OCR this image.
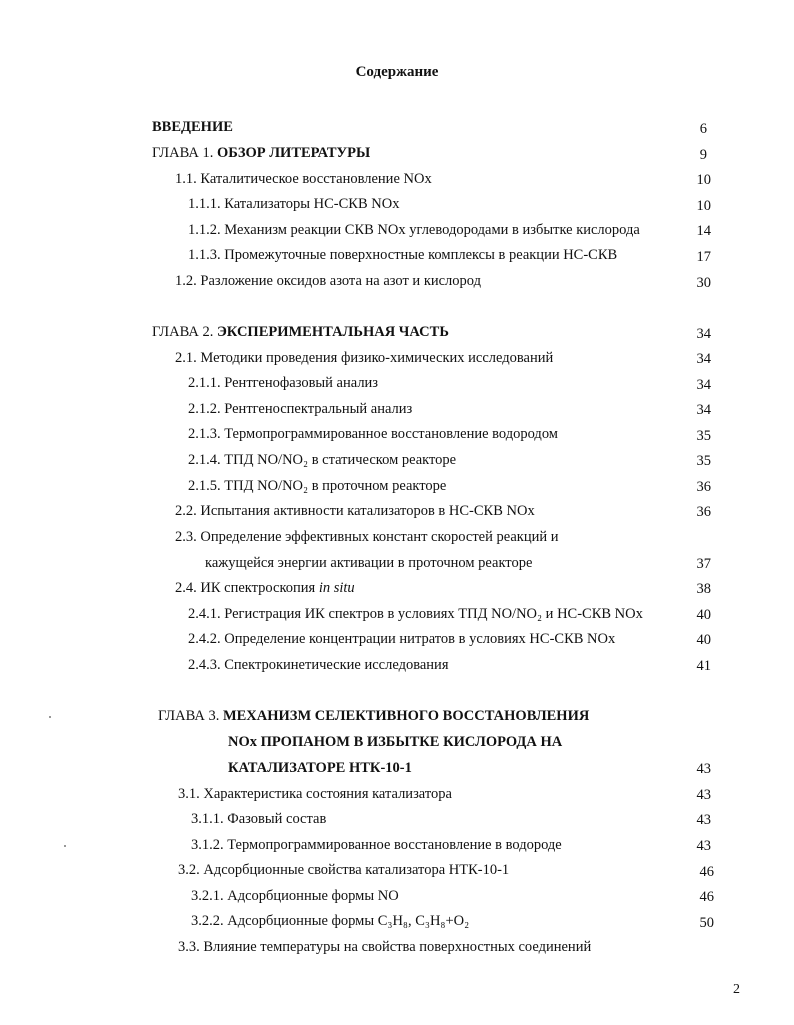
Содержание
ВВЕДЕНИЕ	6
ГЛАВА 1. ОБЗОР ЛИТЕРАТУРЫ	9
1.1. Каталитическое восстановление NOx	10
1.1.1. Катализаторы НС-СКВ NOx	10
1.1.2. Механизм реакции СКВ NOx углеводородами в избытке кислорода	14
1.1.3. Промежуточные поверхностные комплексы в реакции НС-СКВ	17
1.2. Разложение оксидов азота на азот и кислород	30
ГЛАВА 2. ЭКСПЕРИМЕНТАЛЬНАЯ ЧАСТЬ	34
2.1. Методики проведения физико-химических исследований	34
2.1.1. Рентгенофазовый анализ	34
2.1.2. Рентгеноспектральный анализ	34
2.1.3. Термопрограммированное восстановление водородом	35
2.1.4. ТПД NO/NO₂ в статическом реакторе	35
2.1.5. ТПД NO/NO₂ в проточном реакторе	36
2.2. Испытания активности катализаторов в НС-СКВ NOx	36
2.3. Определение эффективных констант скоростей реакций и
кажущейся энергии активации в проточном реакторе	37
2.4. ИК спектроскопия in situ	38
2.4.1. Регистрация ИК спектров в условиях ТПД NO/NO₂ и НС-СКВ NOx	40
2.4.2. Определение концентрации нитратов в условиях НС-СКВ NOx	40
2.4.3. Спектрокинетические исследования	41
ГЛАВА 3. МЕХАНИЗМ СЕЛЕКТИВНОГО ВОССТАНОВЛЕНИЯ
NOx ПРОПАНОМ В ИЗБЫТКЕ КИСЛОРОДА НА
КАТАЛИЗАТОРЕ НТК-10-1	43
3.1. Характеристика состояния катализатора	43
3.1.1. Фазовый состав	43
3.1.2. Термопрограммированное восстановление в водороде	43
3.2. Адсорбционные свойства катализатора НТК-10-1	46
3.2.1. Адсорбционные формы NO	46
3.2.2. Адсорбционные формы C₃H₈, C₃H₈+O₂	50
3.3. Влияние температуры на свойства поверхностных соединений
2
